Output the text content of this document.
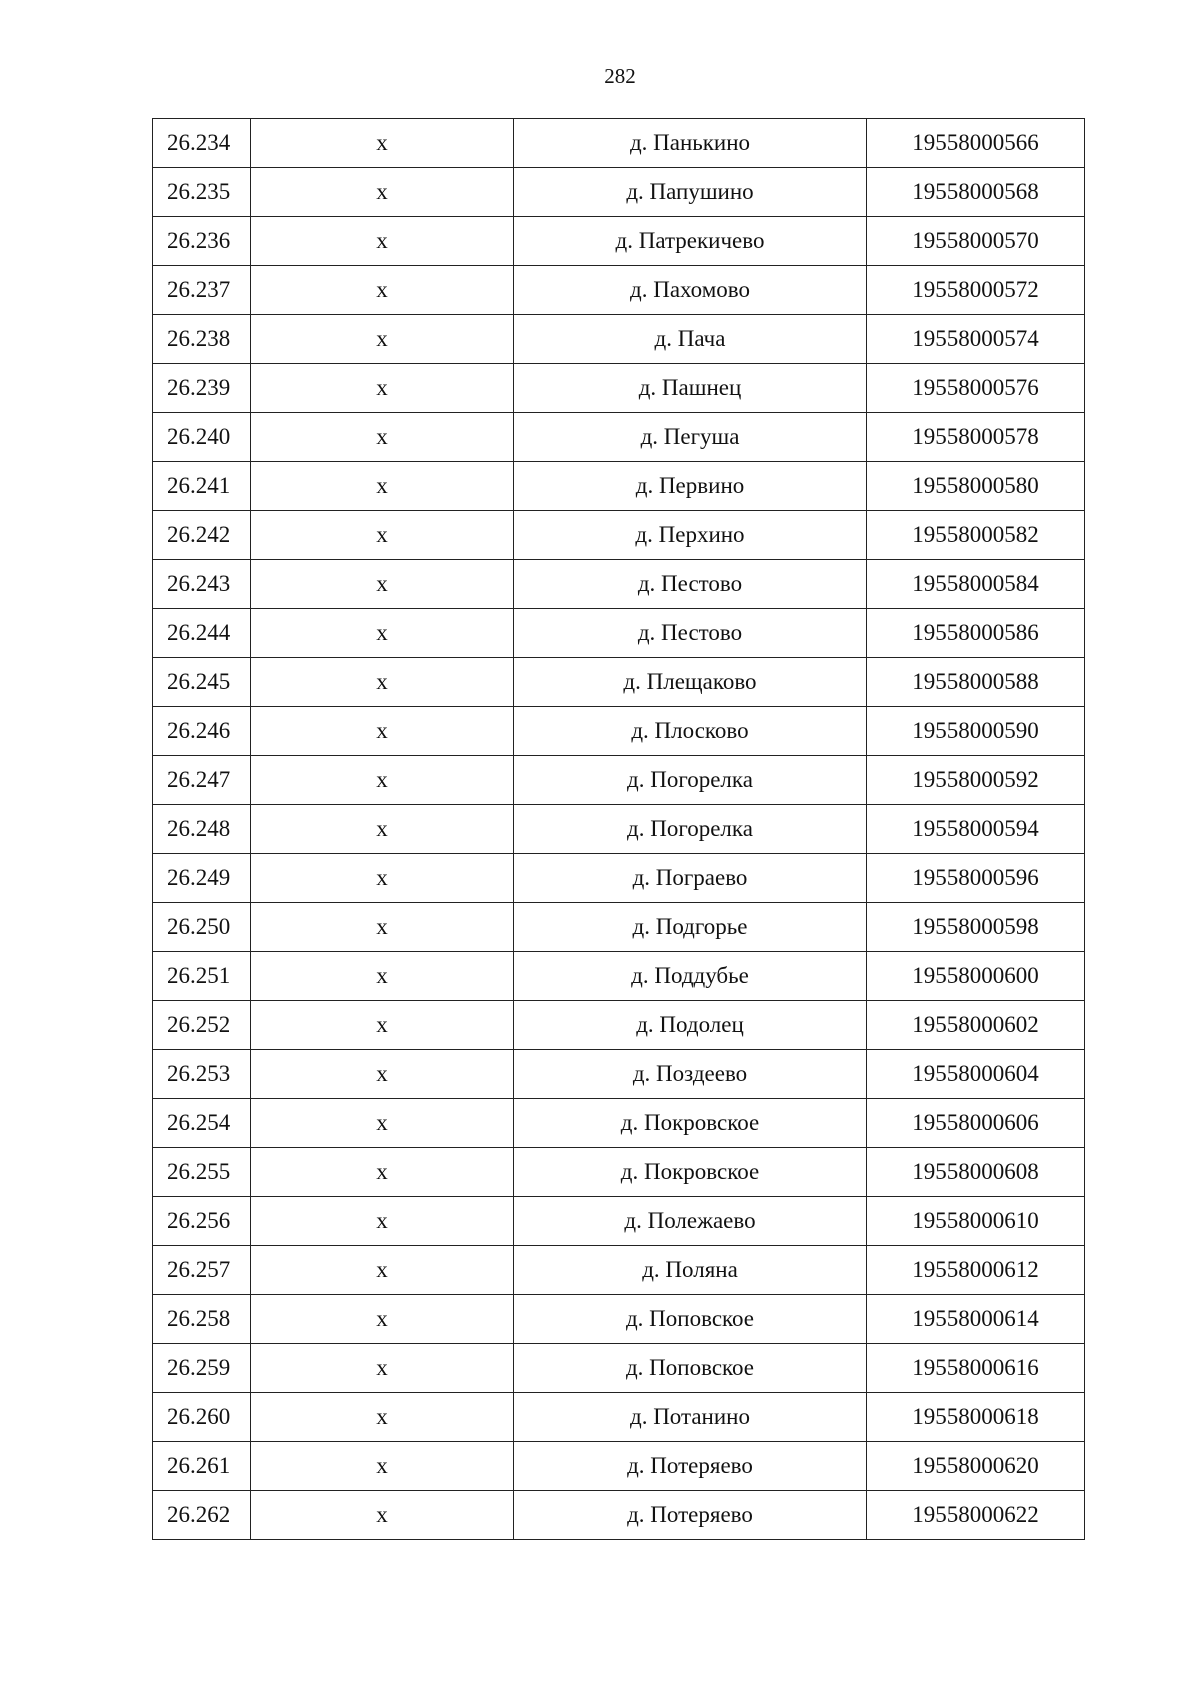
282
26.234	х	д. Панькино	19558000566
26.235	х	д. Папушино	19558000568
26.236	х	д. Патрекичево	19558000570
26.237	х	д. Пахомово	19558000572
26.238	х	д. Пача	19558000574
26.239	х	д. Пашнец	19558000576
26.240	х	д. Пегуша	19558000578
26.241	х	д. Первино	19558000580
26.242	х	д. Перхино	19558000582
26.243	х	д. Пестово	19558000584
26.244	х	д. Пестово	19558000586
26.245	х	д. Плещаково	19558000588
26.246	х	д. Плосково	19558000590
26.247	х	д. Погорелка	19558000592
26.248	х	д. Погорелка	19558000594
26.249	х	д. Пограево	19558000596
26.250	х	д. Подгорье	19558000598
26.251	х	д. Поддубье	19558000600
26.252	х	д. Подолец	19558000602
26.253	х	д. Поздеево	19558000604
26.254	х	д. Покровское	19558000606
26.255	х	д. Покровское	19558000608
26.256	х	д. Полежаево	19558000610
26.257	х	д. Поляна	19558000612
26.258	х	д. Поповское	19558000614
26.259	х	д. Поповское	19558000616
26.260	х	д. Потанино	19558000618
26.261	х	д. Потеряево	19558000620
26.262	х	д. Потеряево	19558000622
